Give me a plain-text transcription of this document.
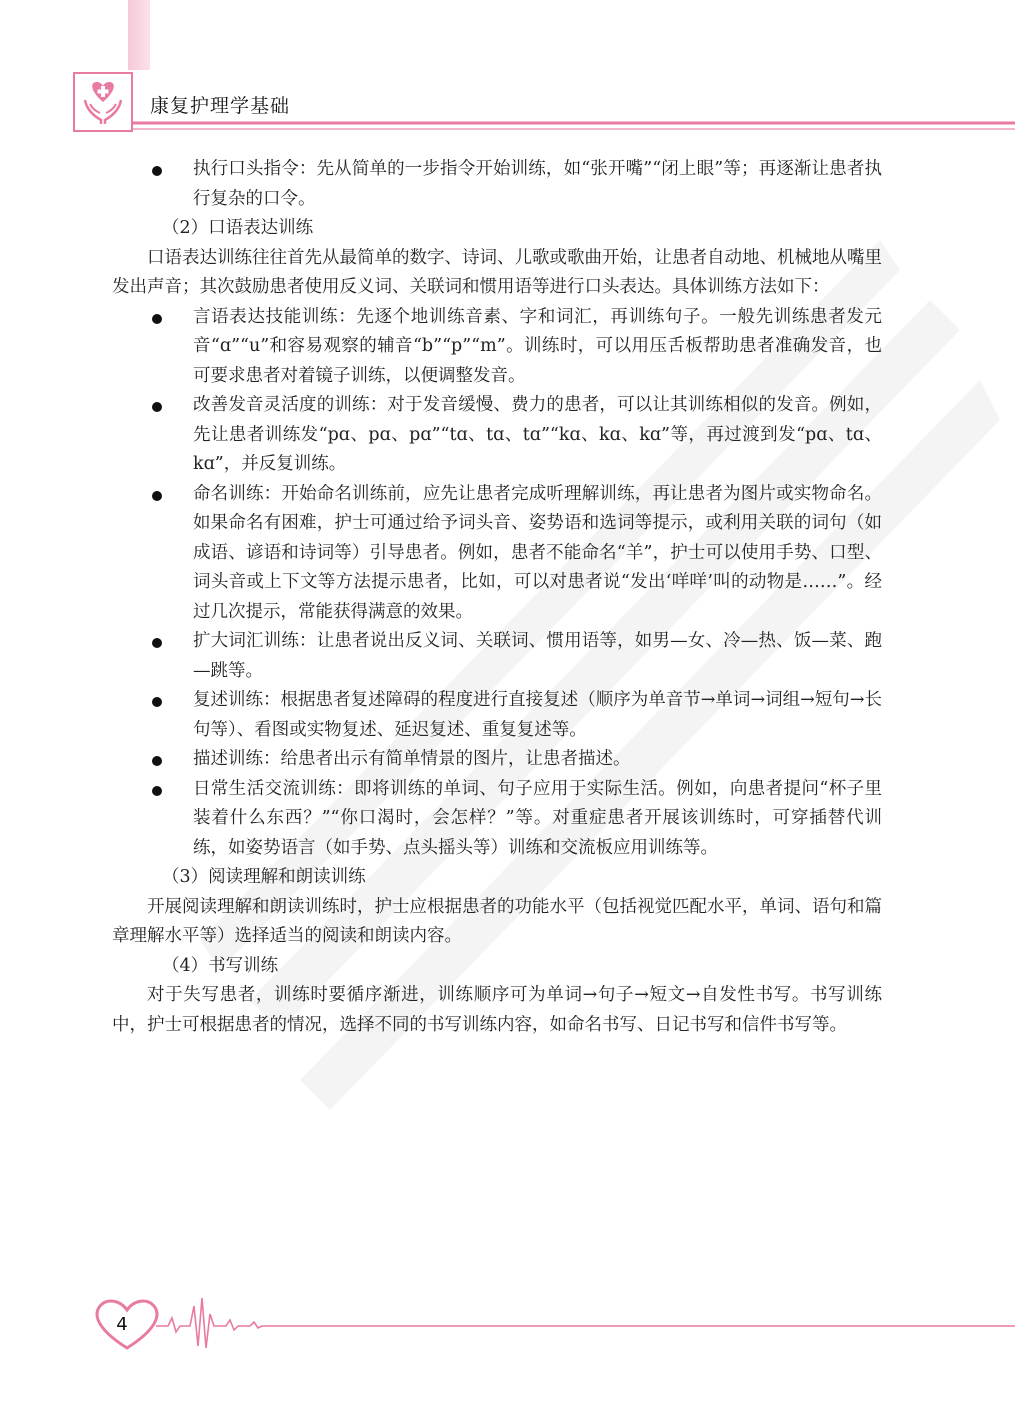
康复护理学基础

执行口头指令：先从简单的一步指令开始训练，如“张开嘴”“闭上眼”等；再逐渐让患者执行复杂的口令。

（2）口语表达训练

口语表达训练往往首先从最简单的数字、诗词、儿歌或歌曲开始，让患者自动地、机械地从嘴里发出声音；其次鼓励患者使用反义词、关联词和惯用语等进行口头表达。具体训练方法如下：

言语表达技能训练：先逐个地训练音素、字和词汇，再训练句子。一般先训练患者发元音“ɑ”“u”和容易观察的辅音“b”“p”“m”。训练时，可以用压舌板帮助患者准确发音，也可要求患者对着镜子训练，以便调整发音。

改善发音灵活度的训练：对于发音缓慢、费力的患者，可以让其训练相似的发音。例如，先让患者训练发“pɑ、pɑ、pɑ”“tɑ、tɑ、tɑ”“kɑ、kɑ、kɑ”等，再过渡到发“pɑ、tɑ、kɑ”，并反复训练。

命名训练：开始命名训练前，应先让患者完成听理解训练，再让患者为图片或实物命名。如果命名有困难，护士可通过给予词头音、姿势语和选词等提示，或利用关联的词句（如成语、谚语和诗词等）引导患者。例如，患者不能命名“羊”，护士可以使用手势、口型、词头音或上下文等方法提示患者，比如，可以对患者说“发出‘咩咩’叫的动物是……”。经过几次提示，常能获得满意的效果。

扩大词汇训练：让患者说出反义词、关联词、惯用语等，如男—女、冷—热、饭—菜、跑—跳等。

复述训练：根据患者复述障碍的程度进行直接复述（顺序为单音节→单词→词组→短句→长句等）、看图或实物复述、延迟复述、重复复述等。

描述训练：给患者出示有简单情景的图片，让患者描述。

日常生活交流训练：即将训练的单词、句子应用于实际生活。例如，向患者提问“杯子里装着什么东西？”“你口渴时，会怎样？”等。对重症患者开展该训练时，可穿插替代训练，如姿势语言（如手势、点头摇头等）训练和交流板应用训练等。

（3）阅读理解和朗读训练

开展阅读理解和朗读训练时，护士应根据患者的功能水平（包括视觉匹配水平，单词、语句和篇章理解水平等）选择适当的阅读和朗读内容。

（4）书写训练

对于失写患者，训练时要循序渐进，训练顺序可为单词→句子→短文→自发性书写。书写训练中，护士可根据患者的情况，选择不同的书写训练内容，如命名书写、日记书写和信件书写等。

4
